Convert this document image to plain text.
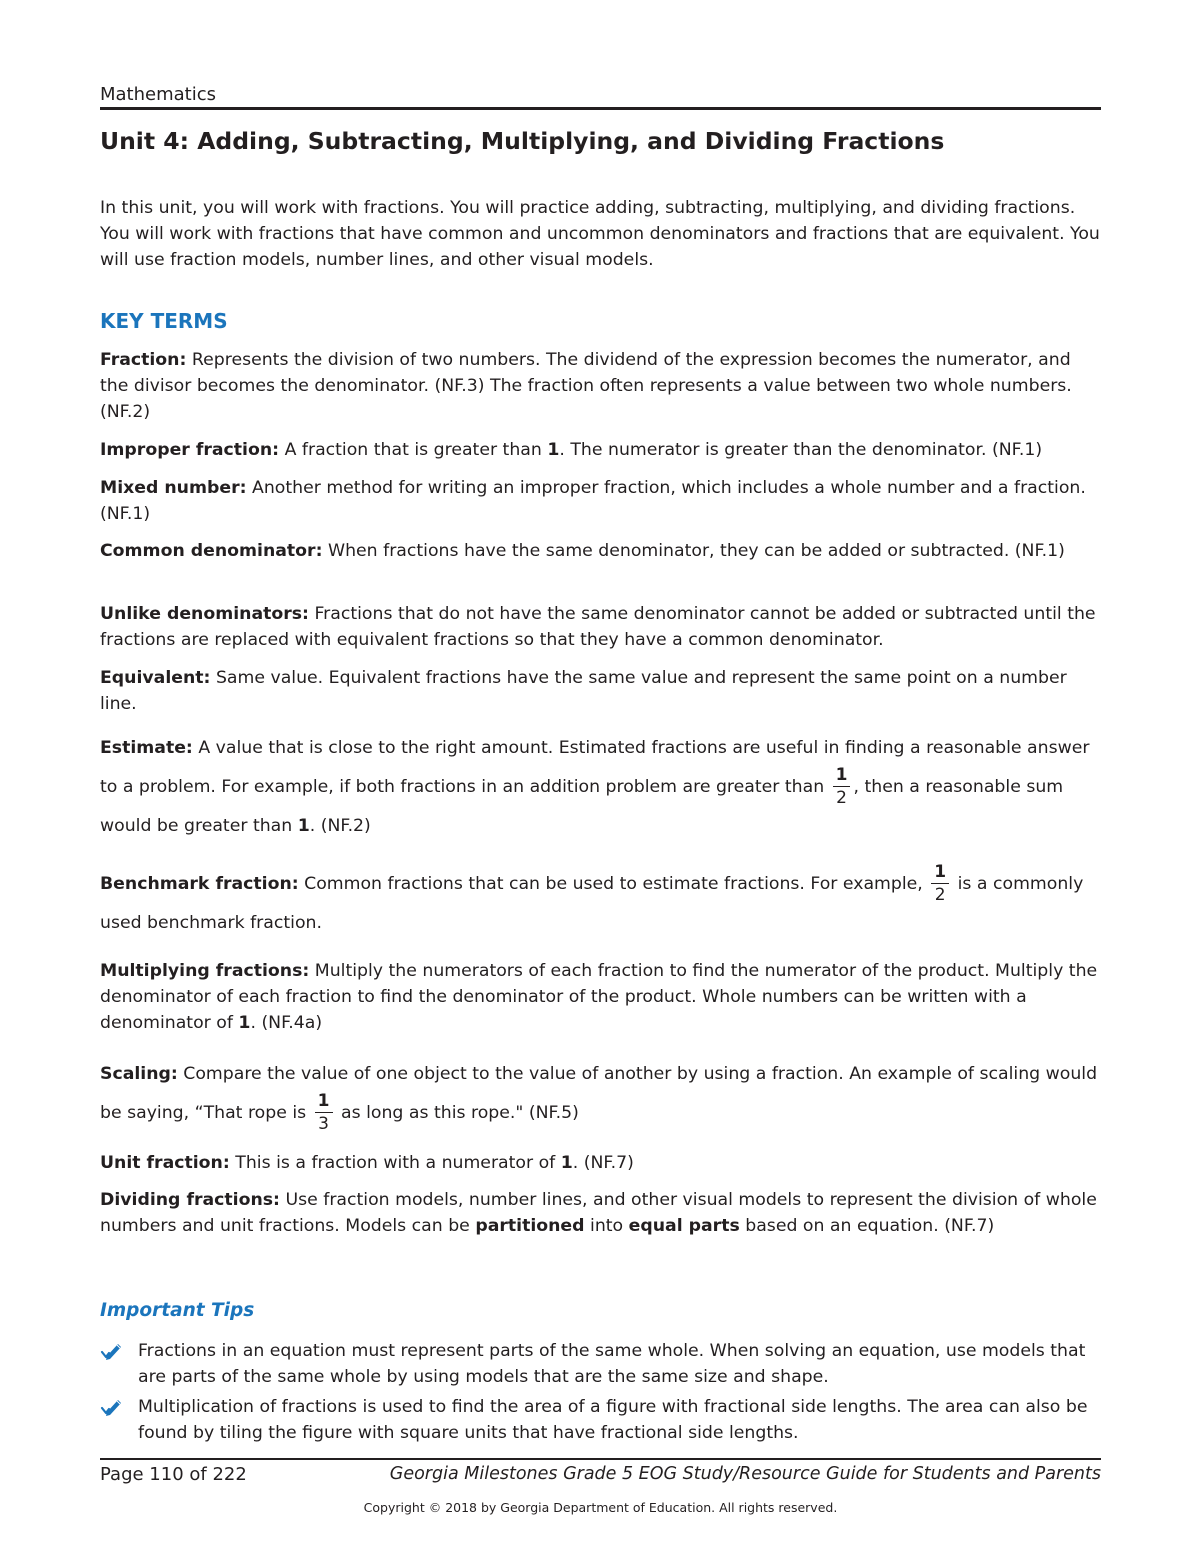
Mathematics
Unit 4: Adding, Subtracting, Multiplying, and Dividing Fractions
In this unit, you will work with fractions. You will practice adding, subtracting, multiplying, and dividing fractions. You will work with fractions that have common and uncommon denominators and fractions that are equivalent. You will use fraction models, number lines, and other visual models.
KEY TERMS
Fraction: Represents the division of two numbers. The dividend of the expression becomes the numerator, and the divisor becomes the denominator. (NF.3) The fraction often represents a value between two whole numbers. (NF.2)
Improper fraction: A fraction that is greater than 1. The numerator is greater than the denominator. (NF.1)
Mixed number: Another method for writing an improper fraction, which includes a whole number and a fraction. (NF.1)
Common denominator: When fractions have the same denominator, they can be added or subtracted. (NF.1)
Unlike denominators: Fractions that do not have the same denominator cannot be added or subtracted until the fractions are replaced with equivalent fractions so that they have a common denominator.
Equivalent: Same value. Equivalent fractions have the same value and represent the same point on a number line.
Estimate: A value that is close to the right amount. Estimated fractions are useful in finding a reasonable answer to a problem. For example, if both fractions in an addition problem are greater than $\frac{1}{2}$ , then a reasonable sum would be greater than 1. (NF.2)
Benchmark fraction: Common fractions that can be used to estimate fractions. For example, $\frac{1}{2}$ is a commonly used benchmark fraction.
Multiplying fractions: Multiply the numerators of each fraction to find the numerator of the product. Multiply the denominator of each fraction to find the denominator of the product. Whole numbers can be written with a denominator of 1. (NF.4a)
Scaling: Compare the value of one object to the value of another by using a fraction. An example of scaling would be saying, “That rope is $\frac{1}{3}$ as long as this rope." (NF.5)
Unit fraction: This is a fraction with a numerator of 1. (NF.7)
Dividing fractions: Use fraction models, number lines, and other visual models to represent the division of whole numbers and unit fractions. Models can be partitioned into equal parts based on an equation. (NF.7)
Important Tips
Fractions in an equation must represent parts of the same whole. When solving an equation, use models that are parts of the same whole by using models that are the same size and shape.
Multiplication of fractions is used to find the area of a figure with fractional side lengths. The area can also be found by tiling the figure with square units that have fractional side lengths.
Page 110 of 222	Georgia Milestones Grade 5 EOG Study/Resource Guide for Students and Parents
Copyright © 2018 by Georgia Department of Education. All rights reserved.
